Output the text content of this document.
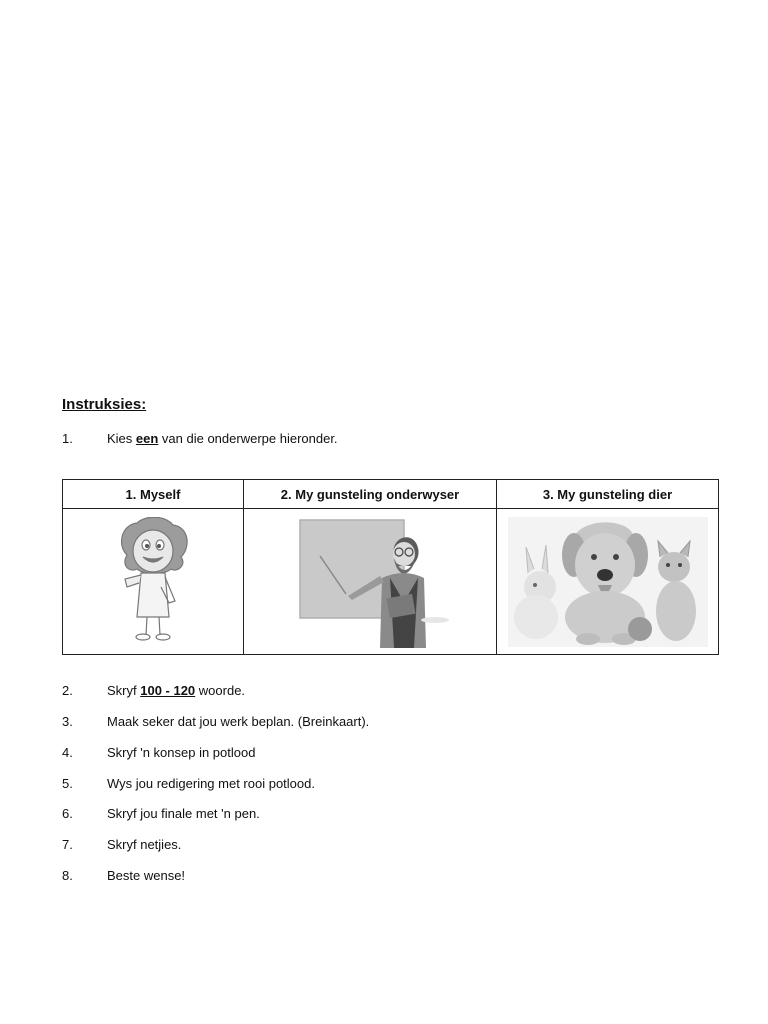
Instruksies:
1.	Kies een van die onderwerpe hieronder.
1. Myself	2. My gunsteling onderwyser	3. My gunsteling dier

2.	Skryf 100 - 120 woorde.
3.	Maak seker dat jou werk beplan. (Breinkaart).
4.	Skryf 'n konsep in potlood
5.	Wys jou redigering met rooi potlood.
6.	Skryf jou finale met 'n pen.
7.	Skryf netjies.
8.	Beste wense!
